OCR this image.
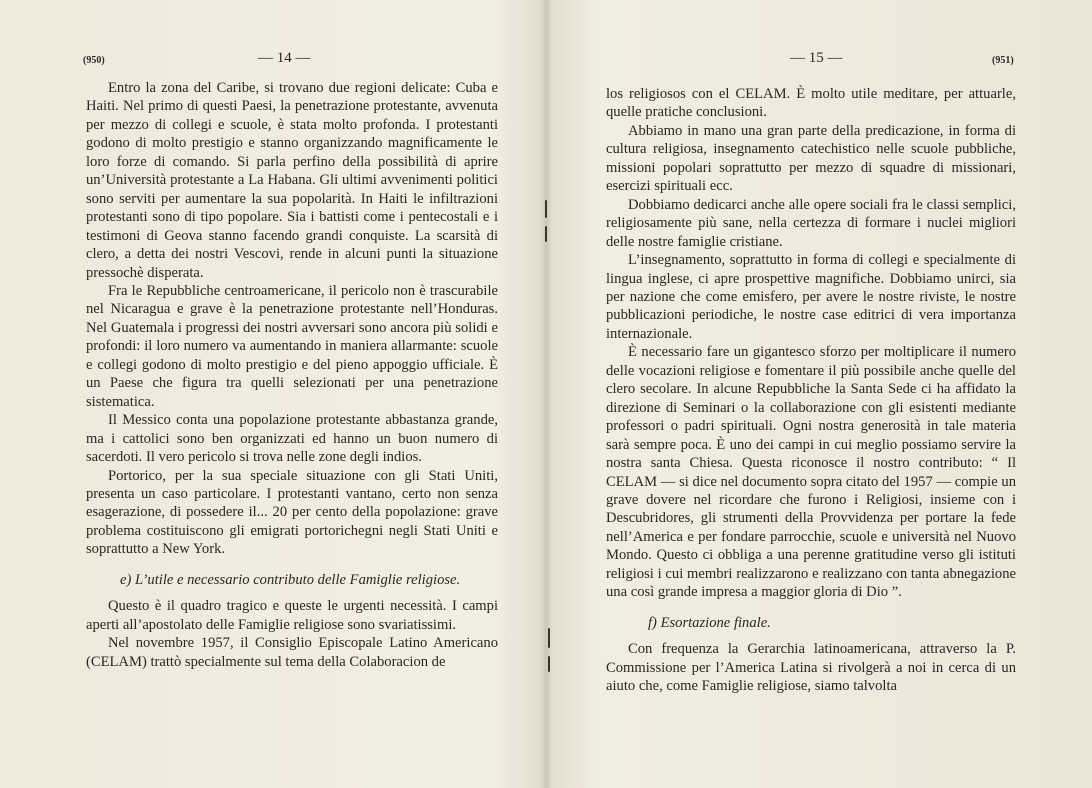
(950)	— 14 —

Entro la zona del Caribe, si trovano due regioni delicate: Cuba e Haiti. Nel primo di questi Paesi, la penetrazione protestante, avvenuta per mezzo di collegi e scuole, è stata molto profonda. I protestanti godono di molto prestigio e stanno organizzando magnificamente le loro forze di comando. Si parla perfino della possibilità di aprire un’Università protestante a La Habana. Gli ultimi avvenimenti politici sono serviti per aumentare la sua popolarità. In Haiti le infiltrazioni protestanti sono di tipo popolare. Sia i battisti come i pentecostali e i testimoni di Geova stanno facendo grandi conquiste. La scarsità di clero, a detta dei nostri Vescovi, rende in alcuni punti la situazione pressochè disperata.

Fra le Repubbliche centroamericane, il pericolo non è trascurabile nel Nicaragua e grave è la penetrazione protestante nell’Honduras. Nel Guatemala i progressi dei nostri avversari sono ancora più solidi e profondi: il loro numero va aumentando in maniera allarmante: scuole e collegi godono di molto prestigio e del pieno appoggio ufficiale. È un Paese che figura tra quelli selezionati per una penetrazione sistematica.

Il Messico conta una popolazione protestante abbastanza grande, ma i cattolici sono ben organizzati ed hanno un buon numero di sacerdoti. Il vero pericolo si trova nelle zone degli indios.

Portorico, per la sua speciale situazione con gli Stati Uniti, presenta un caso particolare. I protestanti vantano, certo non senza esagerazione, di possedere il... 20 per cento della popolazione: grave problema costituiscono gli emigrati portorichegni negli Stati Uniti e soprattutto a New York.

e) L’utile e necessario contributo delle Famiglie religiose.

Questo è il quadro tragico e queste le urgenti necessità. I campi aperti all’apostolato delle Famiglie religiose sono svariatissimi.

Nel novembre 1957, il Consiglio Episcopale Latino Americano (CELAM) trattò specialmente sul tema della Colaboracion de

— 15 —	(951)

los religiosos con el CELAM. È molto utile meditare, per attuarle, quelle pratiche conclusioni.

Abbiamo in mano una gran parte della predicazione, in forma di cultura religiosa, insegnamento catechistico nelle scuole pubbliche, missioni popolari soprattutto per mezzo di squadre di missionari, esercizi spirituali ecc.

Dobbiamo dedicarci anche alle opere sociali fra le classi semplici, religiosamente più sane, nella certezza di formare i nuclei migliori delle nostre famiglie cristiane.

L’insegnamento, soprattutto in forma di collegi e specialmente di lingua inglese, ci apre prospettive magnifiche. Dobbiamo unirci, sia per nazione che come emisfero, per avere le nostre riviste, le nostre pubblicazioni periodiche, le nostre case editrici di vera importanza internazionale.

È necessario fare un gigantesco sforzo per moltiplicare il numero delle vocazioni religiose e fomentare il più possibile anche quelle del clero secolare. In alcune Repubbliche la Santa Sede ci ha affidato la direzione di Seminari o la collaborazione con gli esistenti mediante professori o padri spirituali. Ogni nostra generosità in tale materia sarà sempre poca. È uno dei campi in cui meglio possiamo servire la nostra santa Chiesa. Questa riconosce il nostro contributo: “ Il CELAM — si dice nel documento sopra citato del 1957 — compie un grave dovere nel ricordare che furono i Religiosi, insieme con i Descubridores, gli strumenti della Provvidenza per portare la fede nell’America e per fondare parrocchie, scuole e università nel Nuovo Mondo. Questo ci obbliga a una perenne gratitudine verso gli istituti religiosi i cui membri realizzarono e realizzano con tanta abnegazione una così grande impresa a maggior gloria di Dio ”.

f) Esortazione finale.

Con frequenza la Gerarchia latinoamericana, attraverso la P. Commissione per l’America Latina si rivolgerà a noi in cerca di un aiuto che, come Famiglie religiose, siamo talvolta
